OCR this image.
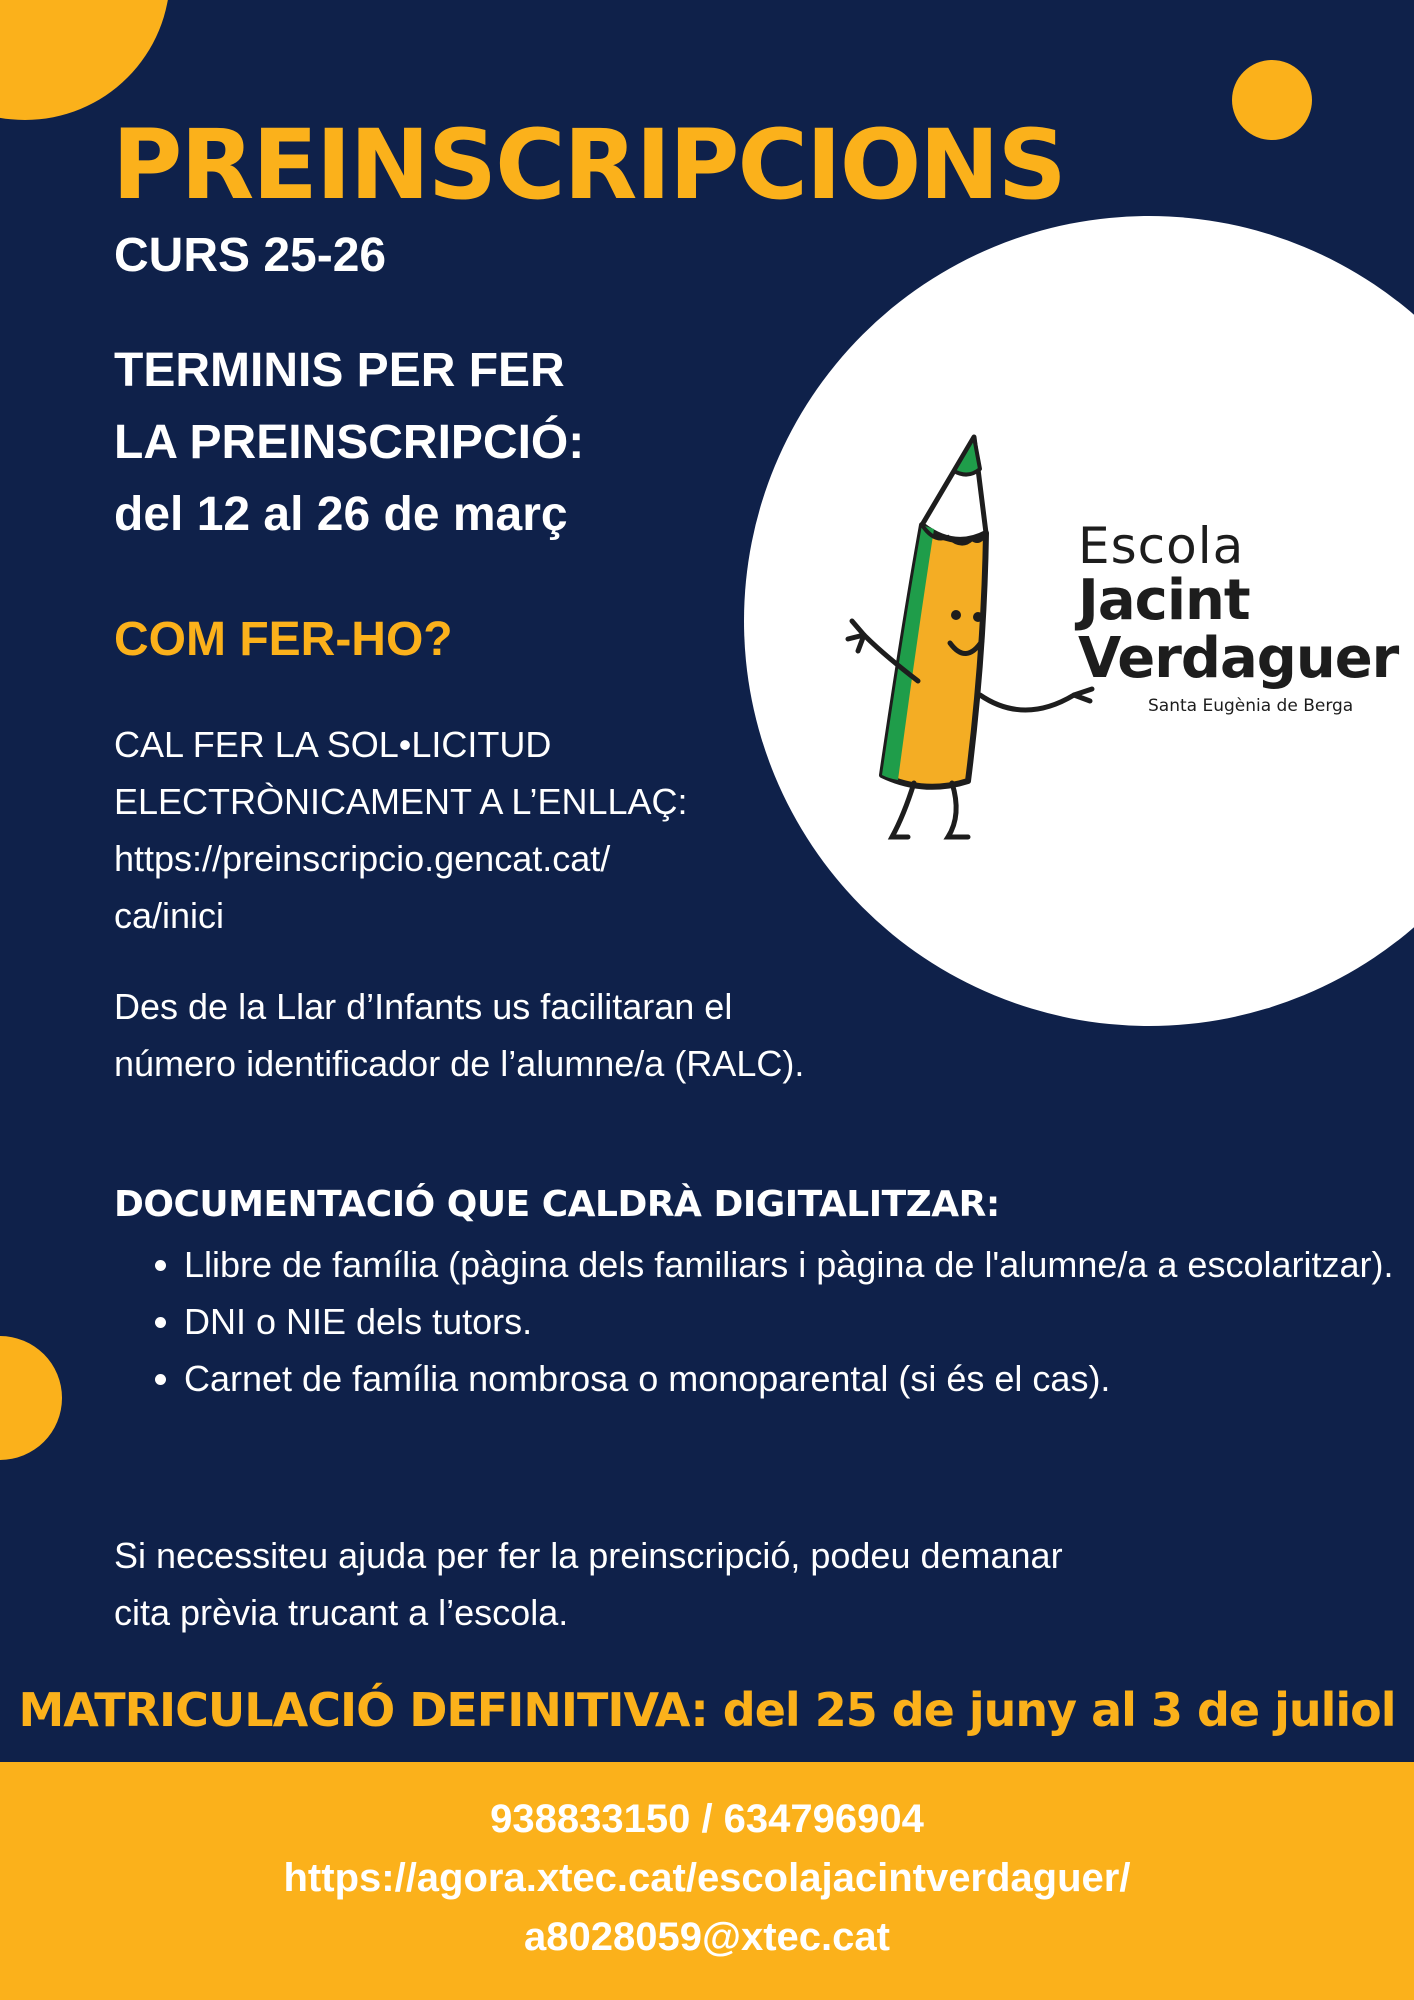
Escola
Jacint
Verdaguer
Santa Eugènia de Berga
PREINSCRIPCIONS
CURS 25-26
TERMINIS PER FER
LA PREINSCRIPCIÓ:
del 12 al 26 de març
COM FER-HO?
CAL FER LA SOL•LICITUD
ELECTRÒNICAMENT A L’ENLLAÇ:
https://preinscripcio.gencat.cat/
ca/inici
Des de la Llar d’Infants us facilitaran el
número identificador de l’alumne/a (RALC).
DOCUMENTACIÓ QUE CALDRÀ DIGITALITZAR:
• Llibre de família (pàgina dels familiars i pàgina de l'alumne/a a escolaritzar).
• DNI o NIE dels tutors.
• Carnet de família nombrosa o monoparental (si és el cas).
Si necessiteu ajuda per fer la preinscripció, podeu demanar
cita prèvia trucant a l’escola.
MATRICULACIÓ DEFINITIVA: del 25 de juny al 3 de juliol
938833150 / 634796904
https://agora.xtec.cat/escolajacintverdaguer/
a8028059@xtec.cat
